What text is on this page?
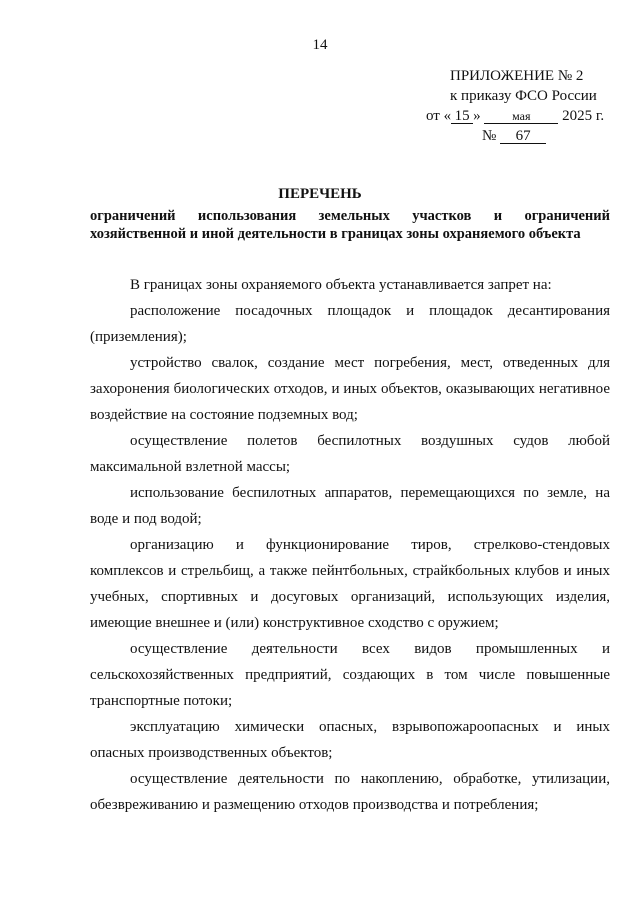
14
ПРИЛОЖЕНИЕ № 2
к приказу ФСО России
от « 15 »	мая 2025 г.
№ 67
ПЕРЕЧЕНЬ
ограничений использования земельных участков и ограничений
хозяйственной и иной деятельности в границах зоны охраняемого объекта

В границах зоны охраняемого объекта устанавливается запрет на:

расположение посадочных площадок и площадок десантирования (приземления);

устройство свалок, создание мест погребения, мест, отведенных для захоронения биологических отходов, и иных объектов, оказывающих негативное воздействие на состояние подземных вод;

осуществление полетов беспилотных воздушных судов любой максимальной взлетной массы;

использование беспилотных аппаратов, перемещающихся по земле, на воде и под водой;

организацию и функционирование тиров, стрелково-стендовых комплексов и стрельбищ, а также пейнтбольных, страйкбольных клубов и иных учебных, спортивных и досуговых организаций, использующих изделия, имеющие внешнее и (или) конструктивное сходство с оружием;

осуществление деятельности всех видов промышленных и сельскохозяйственных предприятий, создающих в том числе повышенные транспортные потоки;

эксплуатацию химически опасных, взрывопожароопасных и иных опасных производственных объектов;

осуществление деятельности по накоплению, обработке, утилизации, обезвреживанию и размещению отходов производства и потребления;
